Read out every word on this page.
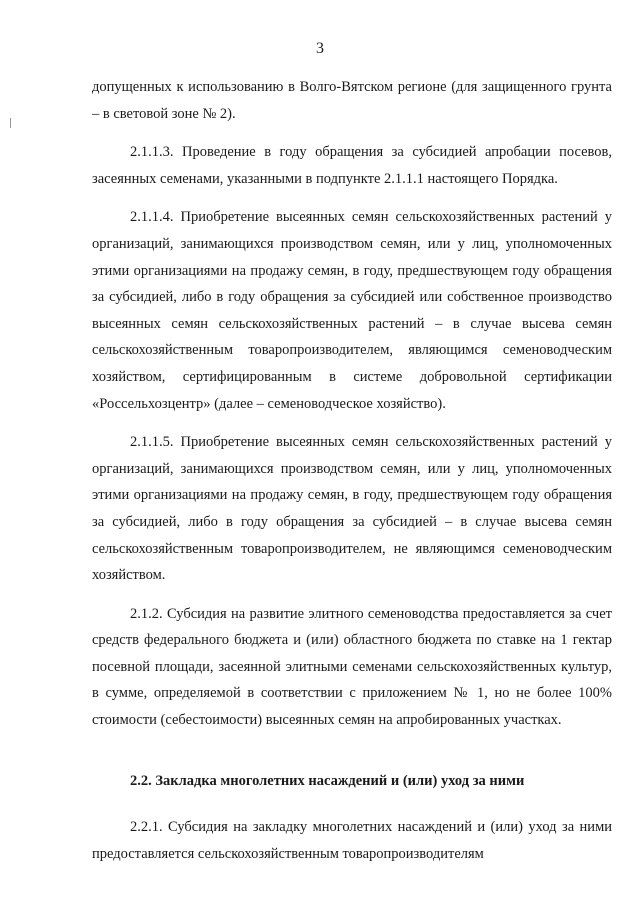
3

допущенных к использованию в Волго-Вятском регионе (для защищенного грунта – в световой зоне № 2).

2.1.1.3. Проведение в году обращения за субсидией апробации посевов, засеянных семенами, указанными в подпункте 2.1.1.1 настоящего Порядка.

2.1.1.4. Приобретение высеянных семян сельскохозяйственных растений у организаций, занимающихся производством семян, или у лиц, уполномоченных этими организациями на продажу семян, в году, предшествующем году обращения за субсидией, либо в году обращения за субсидией или собственное производство высеянных семян сельскохозяйственных растений – в случае высева семян сельскохозяйственным товаропроизводителем, являющимся семеноводческим хозяйством, сертифицированным в системе добровольной сертификации «Россельхозцентр» (далее – семеноводческое хозяйство).

2.1.1.5. Приобретение высеянных семян сельскохозяйственных растений у организаций, занимающихся производством семян, или у лиц, уполномоченных этими организациями на продажу семян, в году, предшествующем году обращения за субсидией, либо в году обращения за субсидией – в случае высева семян сельскохозяйственным товаропроизводителем, не являющимся семеноводческим хозяйством.

2.1.2. Субсидия на развитие элитного семеноводства предоставляется за счет средств федерального бюджета и (или) областного бюджета по ставке на 1 гектар посевной площади, засеянной элитными семенами сельскохозяйственных культур, в сумме, определяемой в соответствии с приложением № 1, но не более 100% стоимости (себестоимости) высеянных семян на апробированных участках.

2.2. Закладка многолетних насаждений и (или) уход за ними

2.2.1. Субсидия на закладку многолетних насаждений и (или) уход за ними предоставляется сельскохозяйственным товаропроизводителям
